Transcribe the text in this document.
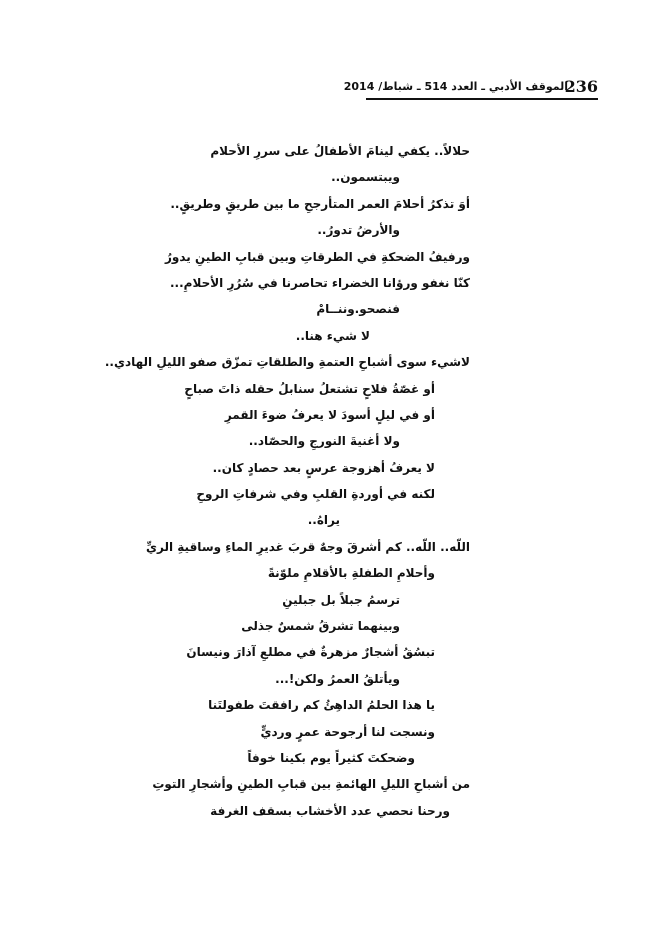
الموقف الأدبي ـ العدد 514 ـ شباط/ 2014
236
حلالاً.. يكفي لينامَ الأطفالُ على سررِ الأحلام
ويبتسمون..
أوَ تذكرُ أحلامَ العمر المتأرجحِ ما بين طريقٍ وطريقٍ..
والأرضُ تدورُ..
ورفيفُ الضحكةِ في الطرقاتِ وبين قبابِ الطينِ يدورُ
كنّا نغفو ورؤانا الخضراء تحاصرنا في سُرُرِ الأحلامِ...
فنصحو.وننــامْ
لا شيء هنا..
لاشيء سوى أشباحِ العتمةِ والطلقاتِ تمزّق صفو الليلِ الهادي..
أو غصّةُ فلاحٍ تشتعلُ سنابلُ حقله ذاتَ صباحٍ
أو في ليلٍ أسودَ لا يعرفُ ضوءَ القمرِ
ولا أغنيةَ النورجِ والحصّاد..
لا يعرفُ أهزوجة عرسٍ بعد حصادٍ كان..
لكنه في أوردةِ القلبِ وفي شرفاتِ الروحِ
يراهُ..
اللّه.. اللّه.. كم أشرقَ وجهٌ قربَ غديرِ الماءِ وساقيةِ الريِّ
وأحلامِ الطفلةِ بالأقلامِ ملوّنةً
ترسمُ جبلاً بل جبلينِ
وبينهما تشرقُ شمسٌ جذلى
تبسُقُ أشجارٌ مزهرةٌ في مطلعِ آذارَ ونيسانَ
ويأتلقُ العمرُ ولكن!...
يا هذا الحلمُ الداهِئُ كم رافقتَ طفولتَنا
ونسجت لنا أرجوحة عمرٍ ورديٍّ
وضحكتَ كثيراً يوم بكينا خوفاً
من أشباحِ الليلِ الهائمةِ بين قبابِ الطينِ وأشجارِ التوتِ
ورحنا نحصي عدد الأخشاب بسقف الغرفة
